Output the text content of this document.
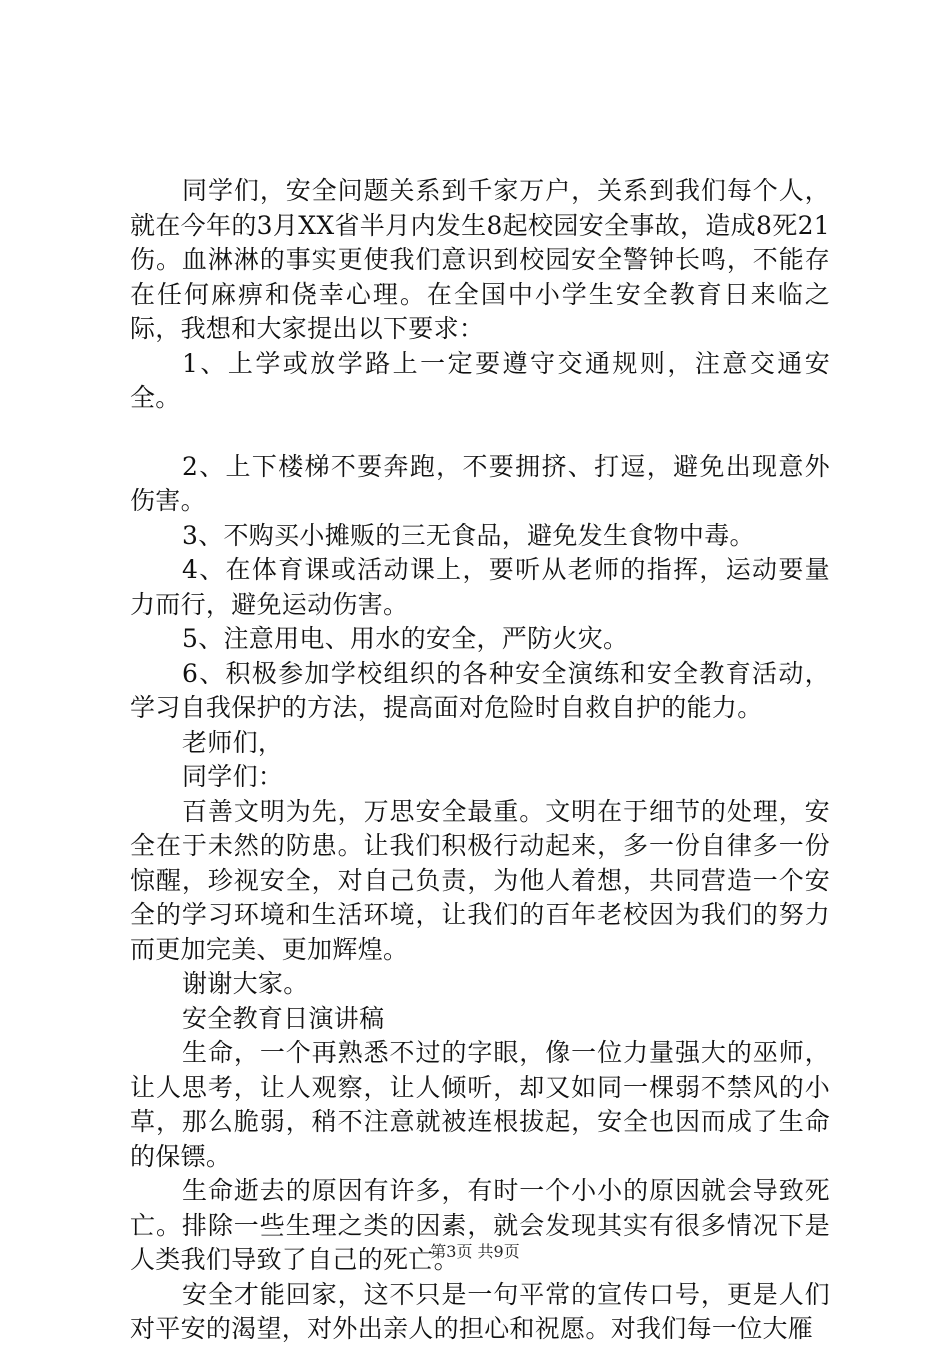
同学们，安全问题关系到千家万户，关系到我们每个人，就在今年的3月XX省半月内发生8起校园安全事故，造成8死21伤。血淋淋的事实更使我们意识到校园安全警钟长鸣，不能存在任何麻痹和侥幸心理。在全国中小学生安全教育日来临之际，我想和大家提出以下要求：

1、上学或放学路上一定要遵守交通规则，注意交通安全。

2、上下楼梯不要奔跑，不要拥挤、打逗，避免出现意外伤害。

3、不购买小摊贩的三无食品，避免发生食物中毒。

4、在体育课或活动课上，要听从老师的指挥，运动要量力而行，避免运动伤害。

5、注意用电、用水的安全，严防火灾。

6、积极参加学校组织的各种安全演练和安全教育活动，学习自我保护的方法，提高面对危险时自救自护的能力。

老师们，

同学们：

百善文明为先，万思安全最重。文明在于细节的处理，安全在于未然的防患。让我们积极行动起来，多一份自律多一份惊醒，珍视安全，对自己负责，为他人着想，共同营造一个安全的学习环境和生活环境，让我们的百年老校因为我们的努力而更加完美、更加辉煌。

谢谢大家。

安全教育日演讲稿

生命，一个再熟悉不过的字眼，像一位力量强大的巫师，让人思考，让人观察，让人倾听，却又如同一棵弱不禁风的小草，那么脆弱，稍不注意就被连根拔起，安全也因而成了生命的保镖。

生命逝去的原因有许多，有时一个小小的原因就会导致死亡。排除一些生理之类的因素，就会发现其实有很多情况下是人类我们导致了自己的死亡。

安全才能回家，这不只是一句平常的宣传口号，更是人们对平安的渴望，对外出亲人的担心和祝愿。对我们每一位大雁

第3页 共9页
